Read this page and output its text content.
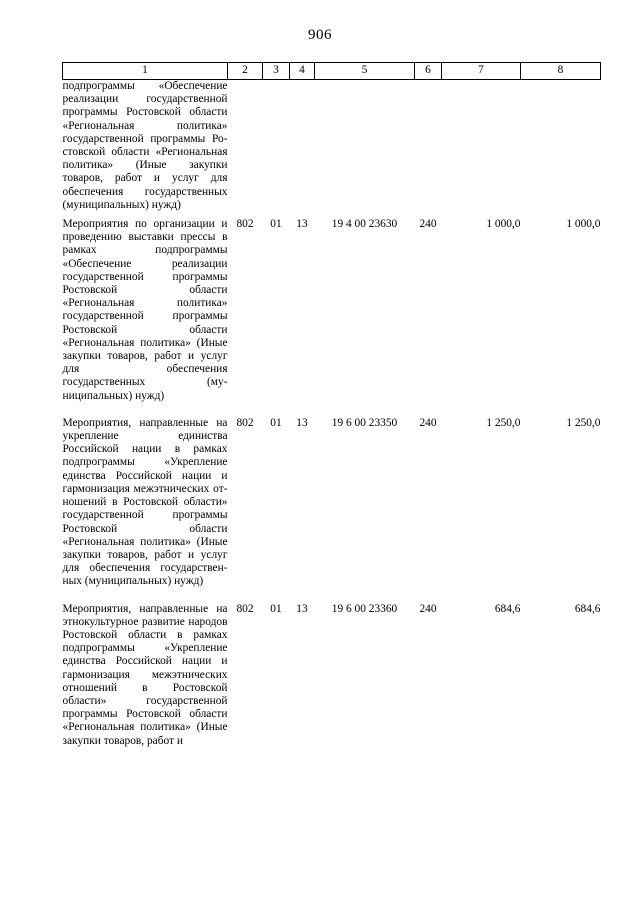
906
1	2	3	4	5	6	7	8
подпрограммы «Обеспечение реализации государственной программы Ростовской области «Региональная политика» государственной программы Ростовской области «Региональная политика» (Иные закупки товаров, работ и услуг для обеспечения государственных (муниципальных) нужд)							
Мероприятия по организации и проведению выставки прессы в рамках подпрограммы «Обеспечение реализации государственной программы Ростовской области «Региональная политика» государственной программы Ростовской области «Региональная политика» (Иные закупки товаров, работ и услуг для обеспечения государственных (муниципальных) нужд)	802	01	13	19 4 00 23630	240	1 000,0	1 000,0
Мероприятия, направленные на укрепление единиства Российской нации в рамках подпрограммы «Укрепление единства Российской нации и гармонизация межэтнических отношений в Ростовской области» государственной программы Ростовской области «Региональная политика» (Иные закупки товаров, работ и услуг для обеспечения государственных (муниципальных) нужд)	802	01	13	19 6 00 23350	240	1 250,0	1 250,0
Мероприятия, направленные на этнокультурное развитие народов Ростовской области в рамках подпрограммы «Укрепление единства Российской нации и гармонизация межэтнических отношений в Ростовской области» государственной программы Ростовской области «Региональная политика» (Иные закупки товаров, работ и	802	01	13	19 6 00 23360	240	684,6	684,6
